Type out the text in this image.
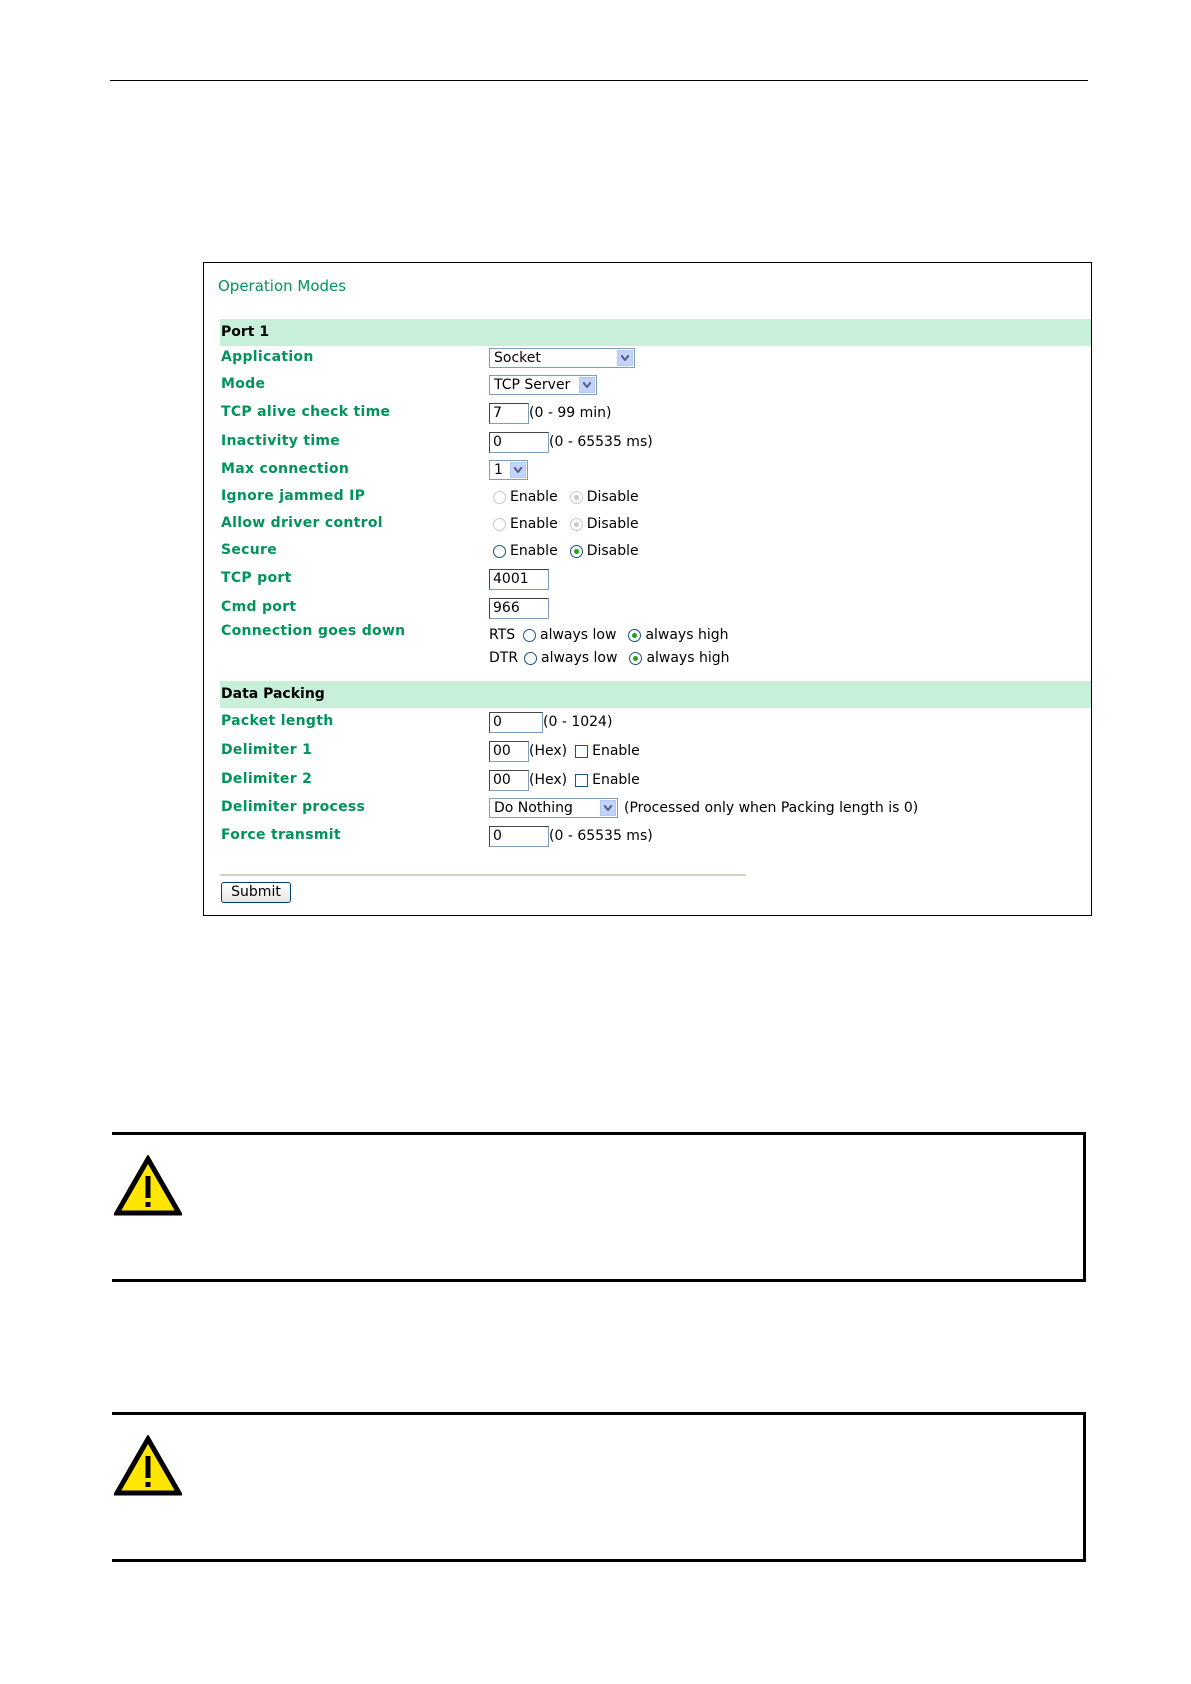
Operation Modes
Port 1
Application	Socket
Mode	TCP Server
TCP alive check time	7	(0 - 99 min)
Inactivity time	0	(0 - 65535 ms)
Max connection	1
Ignore jammed IP	Enable Disable
Allow driver control	Enable Disable
Secure	Enable Disable
TCP port	4001
Cmd port	966
Connection goes down	RTS always low always high
DTR always low always high
Data Packing
Packet length	0	(0 - 1024)
Delimiter 1	00	(Hex) Enable
Delimiter 2	00	(Hex) Enable
Delimiter process	Do Nothing	(Processed only when Packing length is 0)
Force transmit	0	(0 - 65535 ms)
Submit
